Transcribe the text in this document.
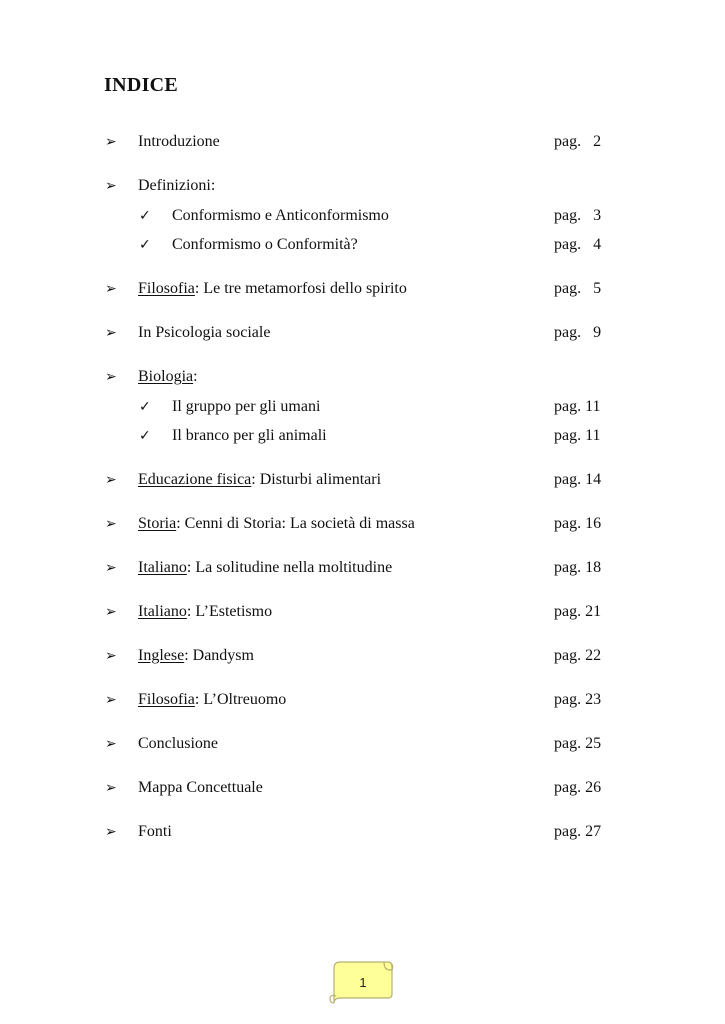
INDICE
➢	Introduzione	pag.   2
➢	Definizioni:
✓	Conformismo e Anticonformismo	pag.   3
✓	Conformismo o Conformità?	pag.   4
➢	Filosofia: Le tre metamorfosi dello spirito	pag.   5
➢	In Psicologia sociale	pag.   9
➢	Biologia:
✓	Il gruppo per gli umani	pag. 11
✓	Il branco per gli animali	pag. 11
➢	Educazione fisica: Disturbi alimentari	pag. 14
➢	Storia: Cenni di Storia: La società di massa	pag. 16
➢	Italiano: La solitudine nella moltitudine	pag. 18
➢	Italiano: L’Estetismo	pag. 21
➢	Inglese: Dandysm	pag. 22
➢	Filosofia: L’Oltreuomo	pag. 23
➢	Conclusione	pag. 25
➢	Mappa Concettuale	pag. 26
➢	Fonti	pag. 27
1
